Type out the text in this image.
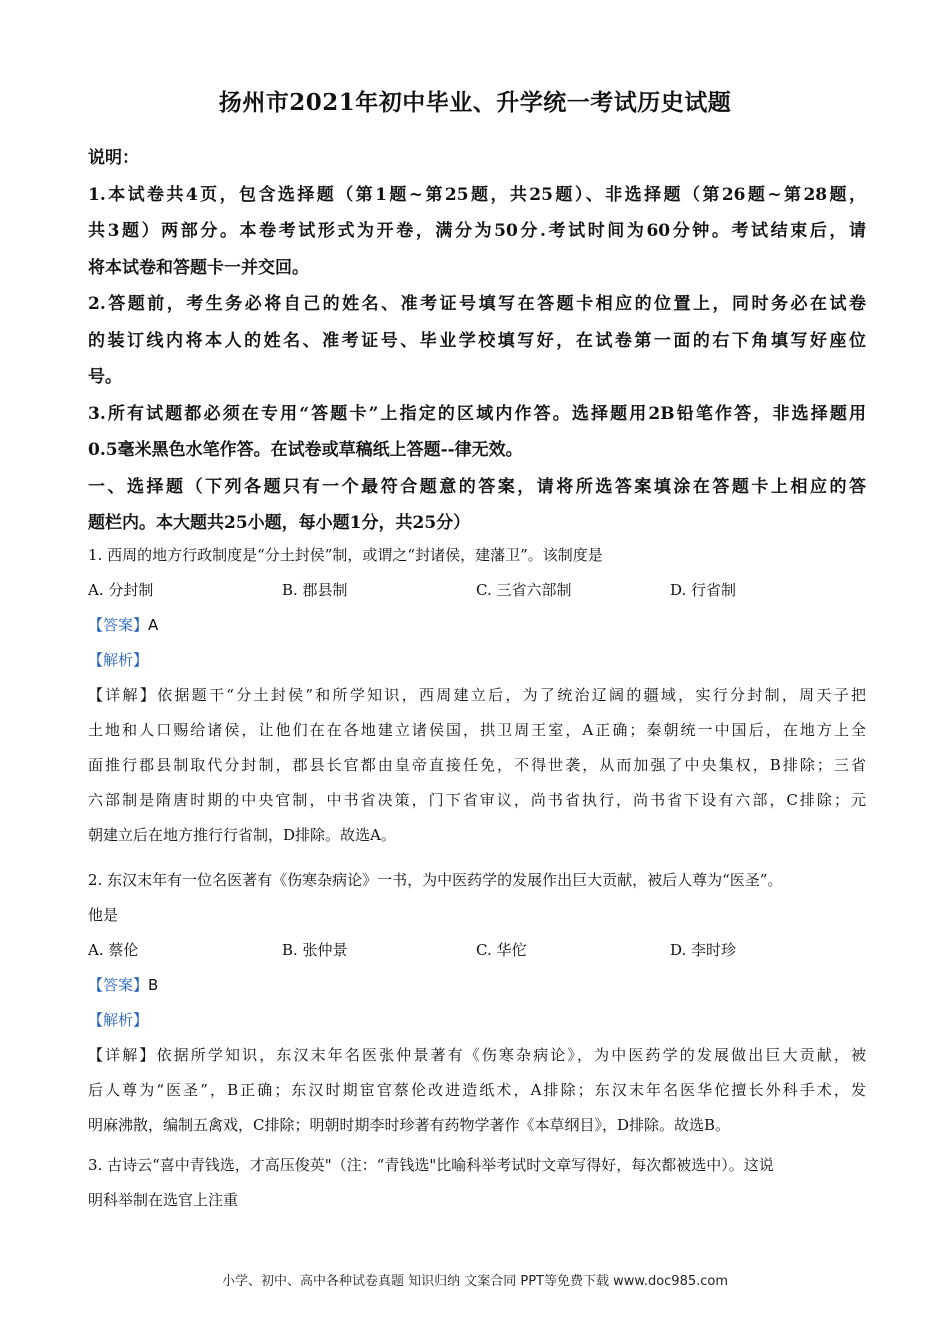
扬州市2021年初中毕业、升学统一考试历史试题
说明：
1.本试卷共4页，包含选择题（第1题~第25题，共25题）、非选择题（第26题~第28题，
共3题）两部分。本卷考试形式为开卷，满分为50分.考试时间为60分钟。考试结束后，请
将本试卷和答题卡一并交回。
2.答题前，考生务必将自己的姓名、准考证号填写在答题卡相应的位置上，同时务必在试卷
的装订线内将本人的姓名、准考证号、毕业学校填写好，在试卷第一面的右下角填写好座位
号。
3.所有试题都必须在专用“答题卡”上指定的区域内作答。选择题用2B铅笔作答，非选择题用
0.5毫米黑色水笔作答。在试卷或草稿纸上答题--律无效。
一、选择题（下列各题只有一个最符合题意的答案，请将所选答案填涂在答题卡上相应的答
题栏内。本大题共25小题，每小题1分，共25分）
1. 西周的地方行政制度是“分土封侯”制，或谓之“封诸侯，建藩卫”。该制度是
A. 分封制	B. 郡县制	C. 三省六部制	D. 行省制
【答案】A
【解析】
【详解】依据题干“分土封侯”和所学知识，西周建立后，为了统治辽阔的疆域，实行分封制，周天子把
土地和人口赐给诸侯，让他们在在各地建立诸侯国，拱卫周王室，A正确；秦朝统一中国后，在地方上全
面推行郡县制取代分封制，郡县长官都由皇帝直接任免，不得世袭，从而加强了中央集权，B排除；三省
六部制是隋唐时期的中央官制，中书省决策，门下省审议，尚书省执行，尚书省下设有六部，C排除；元
朝建立后在地方推行行省制，D排除。故选A。
2. 东汉末年有一位名医著有《伤寒杂病论》一书，为中医药学的发展作出巨大贡献，被后人尊为“医圣”。
他是
A. 蔡伦	B. 张仲景	C. 华佗	D. 李时珍
【答案】B
【解析】
【详解】依据所学知识，东汉末年名医张仲景著有《伤寒杂病论》，为中医药学的发展做出巨大贡献，被
后人尊为“医圣”，B正确；东汉时期宦官蔡伦改进造纸术，A排除；东汉末年名医华佗擅长外科手术，发
明麻沸散，编制五禽戏，C排除；明朝时期李时珍著有药物学著作《本草纲目》，D排除。故选B。
3. 古诗云“喜中青钱选，才高压俊英"（注：“青钱选"比喻科举考试时文章写得好，每次都被选中）。这说
明科举制在选官上注重
小学、初中、高中各种试卷真题 知识归纳 文案合同 PPT等免费下载 www.doc985.com
